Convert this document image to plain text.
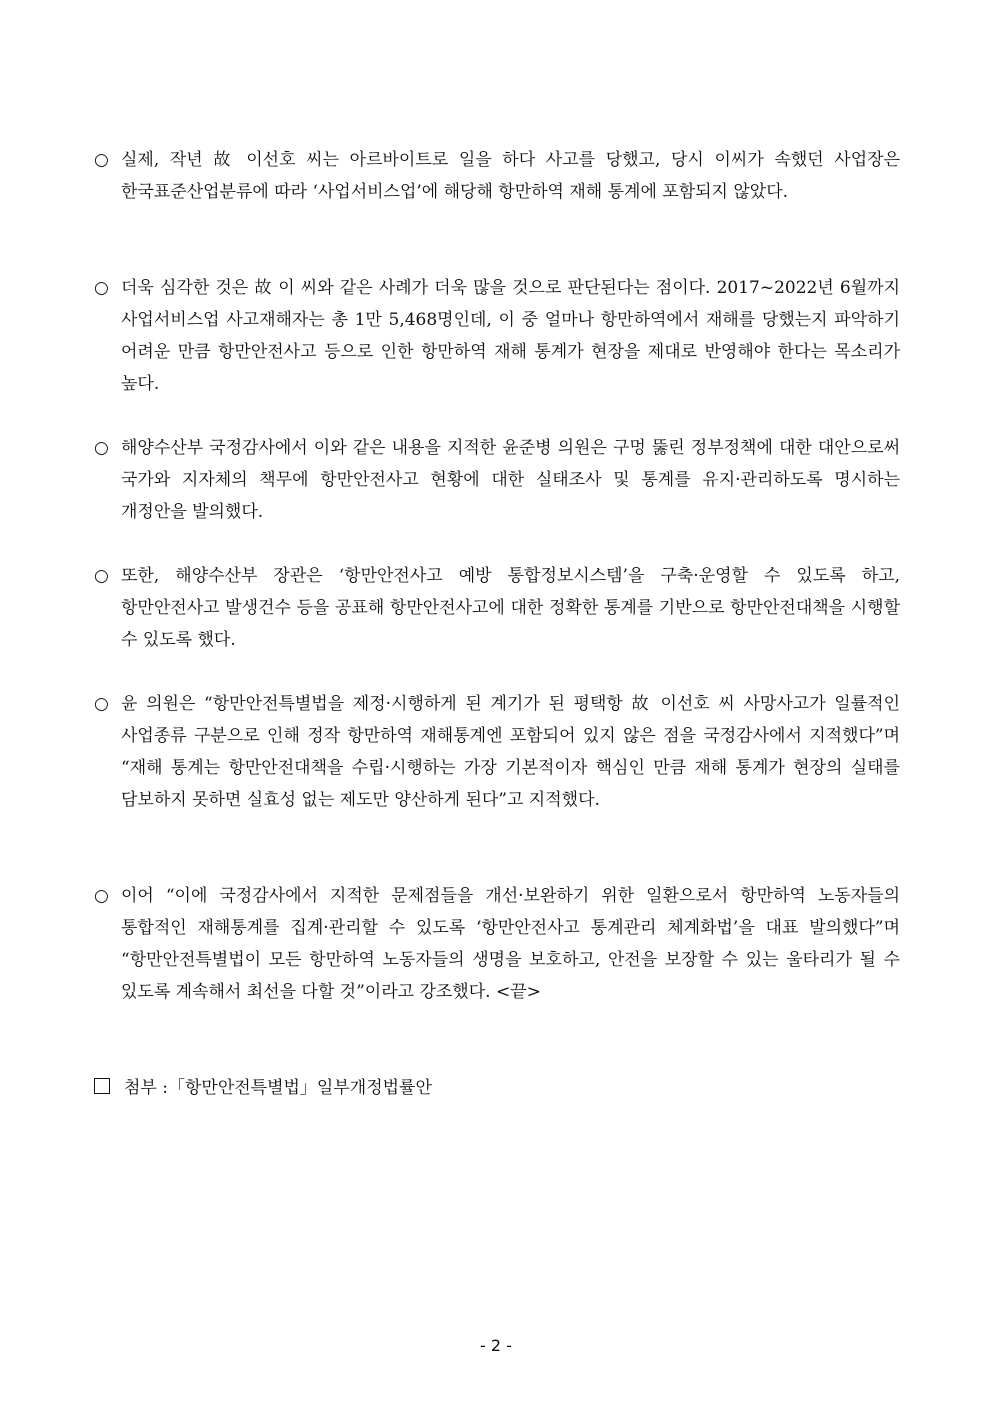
○ 실제, 작년 故 이선호 씨는 아르바이트로 일을 하다 사고를 당했고, 당시 이씨가 속했던 사업장은 한국표준산업분류에 따라 ‘사업서비스업’에 해당해 항만하역 재해 통계에 포함되지 않았다.
○ 더욱 심각한 것은 故 이 씨와 같은 사례가 더욱 많을 것으로 판단된다는 점이다. 2017~2022년 6월까지 사업서비스업 사고재해자는 총 1만 5,468명인데, 이 중 얼마나 항만하역에서 재해를 당했는지 파악하기 어려운 만큼 항만안전사고 등으로 인한 항만하역 재해 통계가 현장을 제대로 반영해야 한다는 목소리가 높다.
○ 해양수산부 국정감사에서 이와 같은 내용을 지적한 윤준병 의원은 구멍 뚫린 정부정책에 대한 대안으로써 국가와 지자체의 책무에 항만안전사고 현황에 대한 실태조사 및 통계를 유지·관리하도록 명시하는 개정안을 발의했다.
○ 또한, 해양수산부 장관은 ‘항만안전사고 예방 통합정보시스템’을 구축·운영할 수 있도록 하고, 항만안전사고 발생건수 등을 공표해 항만안전사고에 대한 정확한 통계를 기반으로 항만안전대책을 시행할 수 있도록 했다.
○ 윤 의원은 “항만안전특별법을 제정·시행하게 된 계기가 된 평택항 故 이선호 씨 사망사고가 일률적인 사업종류 구분으로 인해 정작 항만하역 재해통계엔 포함되어 있지 않은 점을 국정감사에서 지적했다”며 “재해 통계는 항만안전대책을 수립·시행하는 가장 기본적이자 핵심인 만큼 재해 통계가 현장의 실태를 담보하지 못하면 실효성 없는 제도만 양산하게 된다”고 지적했다.
○ 이어 “이에 국정감사에서 지적한 문제점들을 개선·보완하기 위한 일환으로서 항만하역 노동자들의 통합적인 재해통계를 집계·관리할 수 있도록 ‘항만안전사고 통계관리 체계화법’을 대표 발의했다”며 “항만안전특별법이 모든 항만하역 노동자들의 생명을 보호하고, 안전을 보장할 수 있는 울타리가 될 수 있도록 계속해서 최선을 다할 것”이라고 강조했다. <끝>
첨부 :「항만안전특별법」일부개정법률안
- 2 -
